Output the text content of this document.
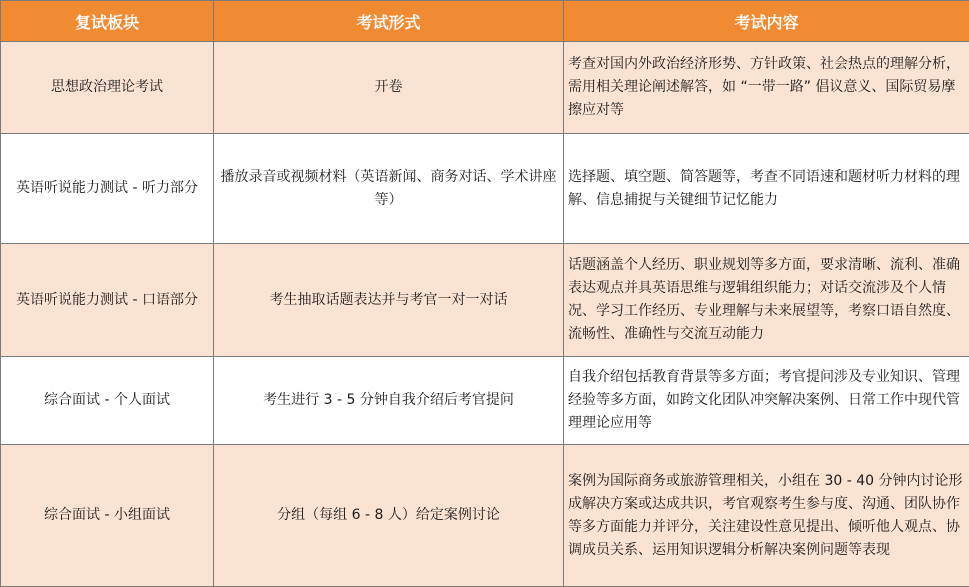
复试板块	考试形式	考试内容
思想政治理论考试	开卷	考查对国内外政治经济形势、方针政策、社会热点的理解分析，需用相关理论阐述解答，如 “一带一路” 倡议意义、国际贸易摩擦应对等
英语听说能力测试 - 听力部分	播放录音或视频材料（英语新闻、商务对话、学术讲座等）	选择题、填空题、简答题等，考查不同语速和题材听力材料的理解、信息捕捉与关键细节记忆能力
英语听说能力测试 - 口语部分	考生抽取话题表达并与考官一对一对话	话题涵盖个人经历、职业规划等多方面，要求清晰、流利、准确表达观点并具英语思维与逻辑组织能力；对话交流涉及个人情况、学习工作经历、专业理解与未来展望等，考察口语自然度、流畅性、准确性与交流互动能力
综合面试 - 个人面试	考生进行 3 - 5 分钟自我介绍后考官提问	自我介绍包括教育背景等多方面；考官提问涉及专业知识、管理经验等多方面，如跨文化团队冲突解决案例、日常工作中现代管理理论应用等
综合面试 - 小组面试	分组（每组 6 - 8 人）给定案例讨论	案例为国际商务或旅游管理相关，小组在 30 - 40 分钟内讨论形成解决方案或达成共识，考官观察考生参与度、沟通、团队协作等多方面能力并评分，关注建设性意见提出、倾听他人观点、协调成员关系、运用知识逻辑分析解决案例问题等表现
